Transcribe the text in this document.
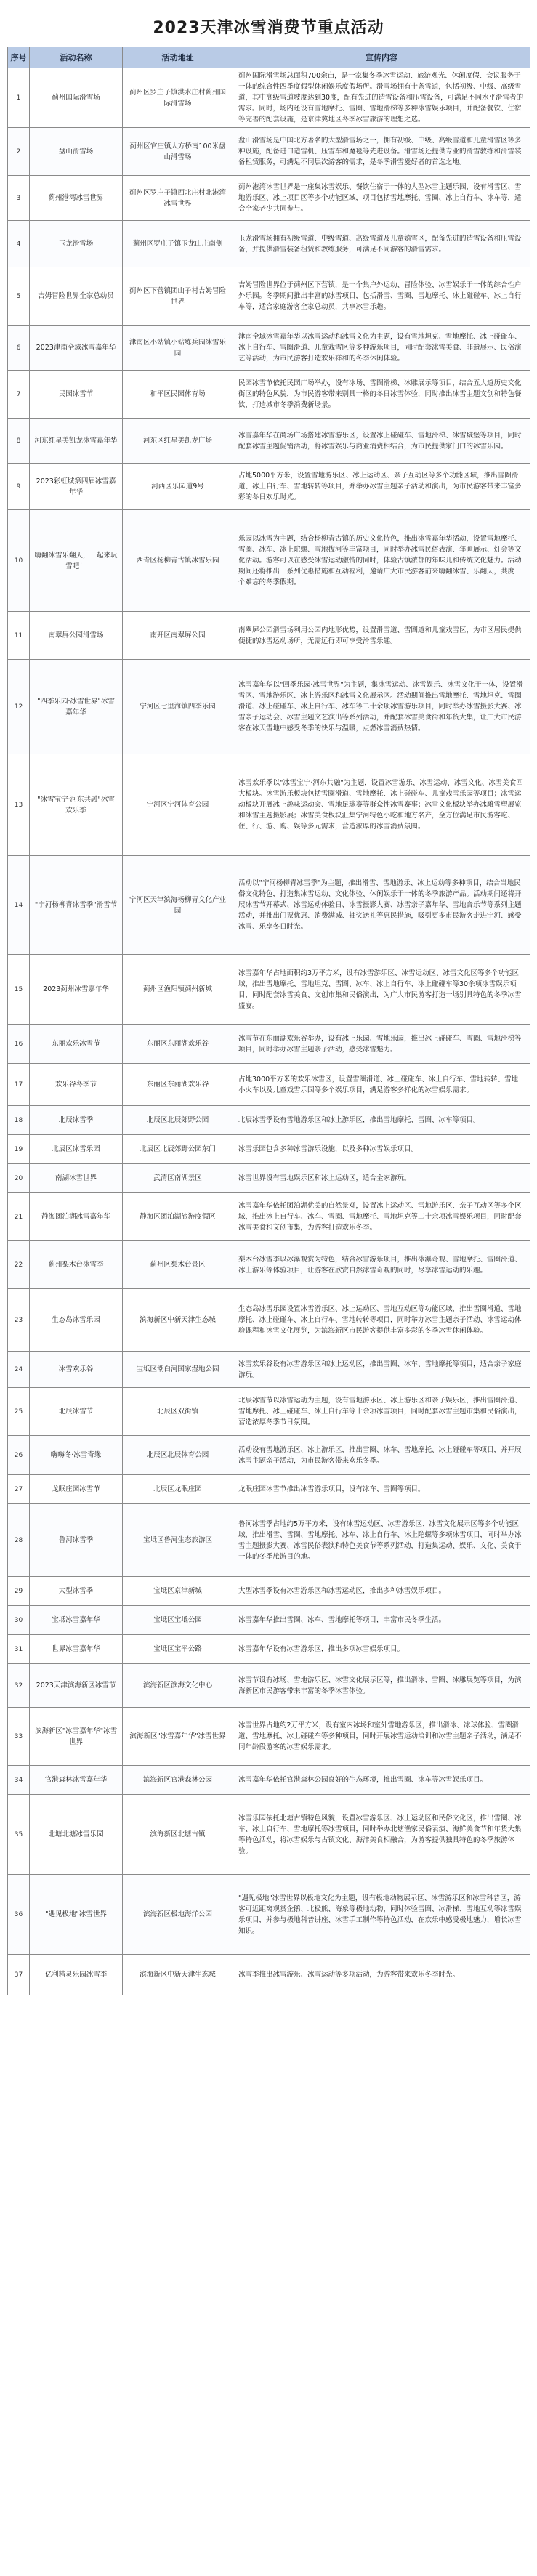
2023天津冰雪消费节重点活动
序号	活动名称	活动地址	宣传内容
1	蓟州国际滑雪场	蓟州区罗庄子镇洪水庄村蓟州国际滑雪场	蓟州国际滑雪场总面积700余亩，是一家集冬季冰雪运动、旅游观光、休闲度假、会议服务于一体的综合性四季度假型休闲娱乐度假场所。滑雪场拥有十条雪道，包括初级、中级、高级雪道，其中高级雪道坡度达到30度，配有先进的造雪设备和压雪设备，可满足不同水平滑雪者的需求。同时，场内还设有雪地摩托、雪圈、雪地滑梯等多种冰雪娱乐项目，并配备餐饮、住宿等完善的配套设施，是京津冀地区冬季冰雪旅游的理想之选。
2	盘山滑雪场	蓟州区官庄镇人方桥南100米盘山滑雪场	盘山滑雪场是中国北方著名的大型滑雪场之一，拥有初级、中级、高级雪道和儿童滑雪区等多种设施，配备进口造雪机、压雪车和魔毯等先进设备。滑雪场还提供专业的滑雪教练和滑雪装备租赁服务，可满足不同层次游客的需求，是冬季滑雪爱好者的首选之地。
3	蓟州港湾冰雪世界	蓟州区罗庄子镇西北庄村北港湾冰雪世界	蓟州港湾冰雪世界是一座集冰雪娱乐、餐饮住宿于一体的大型冰雪主题乐园，设有滑雪区、雪地游乐区、冰上项目区等多个功能区域，项目包括雪地摩托、雪圈、冰上自行车、冰车等，适合全家老少共同参与。
4	玉龙滑雪场	蓟州区罗庄子镇玉龙山庄南侧	玉龙滑雪场拥有初级雪道、中级雪道、高级雪道及儿童嬉雪区，配备先进的造雪设备和压雪设备，并提供滑雪装备租赁和教练服务，可满足不同游客的滑雪需求。
5	吉姆冒险世界全家总动员	蓟州区下营镇团山子村吉姆冒险世界	吉姆冒险世界位于蓟州区下营镇，是一个集户外运动、冒险体验、冰雪娱乐于一体的综合性户外乐园。冬季期间推出丰富的冰雪项目，包括滑雪、雪圈、雪地摩托、冰上碰碰车、冰上自行车等，适合家庭游客全家总动员，共享冰雪乐趣。
6	2023津南全域冰雪嘉年华	津南区小站镇小站练兵园冰雪乐园	津南全域冰雪嘉年华以冰雪运动和冰雪文化为主题，设有雪地坦克、雪地摩托、冰上碰碰车、冰上自行车、雪圈滑道、儿童戏雪区等多种游乐项目，同时配套冰雪美食、非遗展示、民俗演艺等活动，为市民游客打造欢乐祥和的冬季休闲体验。
7	民园冰雪节	和平区民园体育场	民园冰雪节依托民园广场举办，设有冰场、雪圈滑梯、冰雕展示等项目，结合五大道历史文化街区的特色风貌，为市民游客带来别具一格的冬日冰雪体验，同时推出冰雪主题文创和特色餐饮，打造城市冬季消费新场景。
8	河东红星美凯龙冰雪嘉年华	河东区红星美凯龙广场	冰雪嘉年华在商场广场搭建冰雪游乐区，设置冰上碰碰车、雪地滑梯、冰雪城堡等项目，同时配套冰雪主题促销活动，将冰雪娱乐与商业消费相结合，为市民提供家门口的冰雪乐园。
9	2023彩虹城第四届冰雪嘉年华	河西区乐园道9号	占地5000平方米，设置雪地游乐区、冰上运动区、亲子互动区等多个功能区域，推出雪圈滑道、冰上自行车、雪地转转等项目，并举办冰雪主题亲子活动和演出，为市民游客带来丰富多彩的冬日欢乐时光。
10	嗨翻冰雪乐翻天，一起来玩雪吧！	西青区杨柳青古镇冰雪乐园	乐园以冰雪为主题，结合杨柳青古镇的历史文化特色，推出冰雪嘉年华活动，设置雪地摩托、雪圈、冰车、冰上陀螺、雪地拔河等丰富项目，同时举办冰雪民俗表演、年画展示、灯会等文化活动。游客可以在感受冰雪运动激情的同时，体验古镇浓郁的年味儿和传统文化魅力。活动期间还将推出一系列优惠措施和互动福利，邀请广大市民游客前来嗨翻冰雪、乐翻天，共度一个难忘的冬季假期。
11	南翠屏公园滑雪场	南开区南翠屏公园	南翠屏公园滑雪场利用公园内地形优势，设置滑雪道、雪圈道和儿童戏雪区，为市区居民提供便捷的冰雪运动场所，无需远行即可享受滑雪乐趣。
12	"四季乐园·冰雪世界"冰雪嘉年华	宁河区七里海镇四季乐园	冰雪嘉年华以"四季乐园·冰雪世界"为主题，集冰雪运动、冰雪娱乐、冰雪文化于一体，设置滑雪区、雪地游乐区、冰上游乐区和冰雪文化展示区。活动期间推出雪地摩托、雪地坦克、雪圈滑道、冰上碰碰车、冰上自行车、冰车等二十余项冰雪游乐项目，同时举办冰雪摄影大赛、冰雪亲子运动会、冰雪主题文艺演出等系列活动，并配套冰雪美食街和年货大集，让广大市民游客在冰天雪地中感受冬季的快乐与温暖，点燃冰雪消费热情。
13	"冰雪宝宁·河东共融"冰雪欢乐季	宁河区宁河体育公园	冰雪欢乐季以"冰雪宝宁·河东共融"为主题，设置冰雪游乐、冰雪运动、冰雪文化、冰雪美食四大板块。冰雪游乐板块包括雪圈滑道、雪地摩托、冰上碰碰车、儿童戏雪乐园等项目；冰雪运动板块开展冰上趣味运动会、雪地足球赛等群众性冰雪赛事；冰雪文化板块举办冰雕雪塑展览和冰雪主题摄影展；冰雪美食板块汇集宁河特色小吃和地方名产，全方位满足市民游客吃、住、行、游、购、娱等多元需求，营造浓厚的冰雪消费氛围。
14	"宁河杨柳青冰雪季"滑雪节	宁河区天津滨海杨柳青文化产业园	活动以"宁河杨柳青冰雪季"为主题，推出滑雪、雪地游乐、冰上运动等多种项目，结合当地民俗文化特色，打造集冰雪运动、文化体验、休闲娱乐于一体的冬季旅游产品。活动期间还将开展冰雪节开幕式、冰雪运动体验日、冰雪摄影大赛、冰雪亲子嘉年华、雪地音乐节等系列主题活动，并推出门票优惠、消费满减、抽奖送礼等惠民措施，吸引更多市民游客走进宁河、感受冰雪、乐享冬日时光。
15	2023蓟州冰雪嘉年华	蓟州区渔阳镇蓟州新城	冰雪嘉年华占地面积约3万平方米，设有冰雪游乐区、冰雪运动区、冰雪文化区等多个功能区域，推出雪地摩托、雪地坦克、雪圈、冰车、冰上自行车、冰上碰碰车等30余项冰雪娱乐项目，同时配套冰雪美食、文创市集和民俗演出，为广大市民游客打造一场别具特色的冬季冰雪盛宴。
16	东丽欢乐冰雪节	东丽区东丽湖欢乐谷	冰雪节在东丽湖欢乐谷举办，设有冰上乐园、雪地乐园，推出冰上碰碰车、雪圈、雪地滑梯等项目，同时举办冰雪主题亲子活动，感受冰雪魅力。
17	欢乐谷冬季节	东丽区东丽湖欢乐谷	占地3000平方米的欢乐冰雪区，设置雪圈滑道、冰上碰碰车、冰上自行车、雪地转转、雪地小火车以及儿童戏雪乐园等多个娱乐项目，满足游客多样化的冰雪娱乐需求。
18	北辰冰雪季	北辰区北辰郊野公园	北辰冰雪季设有雪地游乐区和冰上游乐区，推出雪地摩托、雪圈、冰车等项目。
19	北辰区冰雪乐园	北辰区北辰郊野公园东门	冰雪乐园包含多种冰雪游乐设施，以及多种冰雪娱乐项目。
20	南湖冰雪世界	武清区南湖景区	冰雪世界设有雪地娱乐区和冰上运动区，适合全家游玩。
21	静海团泊湖冰雪嘉年华	静海区团泊湖旅游度假区	冰雪嘉年华依托团泊湖优美的自然景观，设置冰上运动区、雪地游乐区、亲子互动区等多个区域，推出冰上自行车、冰车、雪圈、雪地摩托、雪地坦克等二十余项冰雪娱乐项目，同时配套冰雪美食和文创市集，为游客打造欢乐冬季。
22	蓟州梨木台冰雪季	蓟州区梨木台景区	梨木台冰雪季以冰瀑观赏为特色，结合冰雪游乐项目，推出冰瀑奇观、雪地摩托、雪圈滑道、冰上游乐等体验项目，让游客在欣赏自然冰雪奇观的同时，尽享冰雪运动的乐趣。
23	生态岛冰雪乐园	滨海新区中新天津生态城	生态岛冰雪乐园设置冰雪游乐区、冰上运动区、雪地互动区等功能区域，推出雪圈滑道、雪地摩托、冰上碰碰车、冰上自行车、雪地转转等项目，同时举办冰雪主题亲子活动、冰雪运动体验课程和冰雪文化展览，为滨海新区市民游客提供丰富多彩的冬季冰雪休闲体验。
24	冰雪欢乐谷	宝坻区潮白河国家湿地公园	冰雪欢乐谷设有冰雪游乐区和冰上运动区，推出雪圈、冰车、雪地摩托等项目，适合亲子家庭游玩。
25	北辰冰雪节	北辰区双街镇	北辰冰雪节以冰雪运动为主题，设有雪地游乐区、冰上游乐区和亲子娱乐区，推出雪圈滑道、雪地摩托、冰上碰碰车、冰上自行车等十余项冰雪项目，同时配套冰雪主题市集和民俗演出，营造浓厚冬季节日氛围。
26	嗨嗨冬·冰雪奇缘	北辰区北辰体育公园	活动设有雪地游乐区、冰上游乐区，推出雪圈、冰车、雪地摩托、冰上碰碰车等项目，并开展冰雪主题亲子活动，为市民游客带来欢乐冬季。
27	龙眠庄园冰雪节	北辰区龙眠庄园	龙眠庄园冰雪节推出冰雪游乐项目，设有冰车、雪圈等项目。
28	鲁河冰雪季	宝坻区鲁河生态旅游区	鲁河冰雪季占地约5万平方米，设有冰雪运动区、冰雪游乐区、冰雪文化展示区等多个功能区域，推出滑雪、雪圈、雪地摩托、冰车、冰上自行车、冰上陀螺等多项冰雪项目，同时举办冰雪主题摄影大赛、冰雪民俗表演和特色美食节等系列活动，打造集运动、娱乐、文化、美食于一体的冬季旅游目的地。
29	大型冰雪季	宝坻区京津新城	大型冰雪季设有冰雪游乐区和冰雪运动区，推出多种冰雪娱乐项目。
30	宝坻冰雪嘉年华	宝坻区宝坻公园	冰雪嘉年华推出雪圈、冰车、雪地摩托等项目，丰富市民冬季生活。
31	世界冰雪嘉年华	宝坻区宝平公路	冰雪嘉年华设有冰雪游乐区，推出多项冰雪娱乐项目。
32	2023天津滨海新区冰雪节	滨海新区滨海文化中心	冰雪节设有冰场、雪地游乐区、冰雪文化展示区等，推出滑冰、雪圈、冰雕展览等项目，为滨海新区市民游客带来丰富的冬季冰雪体验。
33	滨海新区"冰雪嘉年华"冰雪世界	滨海新区"冰雪嘉年华"冰雪世界	冰雪世界占地约2万平方米，设有室内冰场和室外雪地游乐区，推出滑冰、冰球体验、雪圈滑道、雪地摩托、冰上碰碰车等多种项目，同时开展冰雪运动培训和冰雪主题亲子活动，满足不同年龄段游客的冰雪娱乐需求。
34	官港森林冰雪嘉年华	滨海新区官港森林公园	冰雪嘉年华依托官港森林公园良好的生态环境，推出雪圈、冰车等冰雪娱乐项目。
35	北塘北塘冰雪乐园	滨海新区北塘古镇	冰雪乐园依托北塘古镇特色风貌，设置冰雪游乐区、冰上运动区和民俗文化区，推出雪圈、冰车、冰上自行车、雪地摩托等冰雪项目，同时举办北塘渔家民俗表演、海鲜美食节和年货大集等特色活动，将冰雪娱乐与古镇文化、海洋美食相融合，为游客提供独具特色的冬季旅游体验。
36	"遇见极地"冰雪世界	滨海新区极地海洋公园	"遇见极地"冰雪世界以极地文化为主题，设有极地动物展示区、冰雪游乐区和冰雪科普区，游客可近距离观赏企鹅、北极熊、海象等极地动物，同时体验雪圈、冰滑梯、雪地互动等冰雪娱乐项目，并参与极地科普讲座、冰雪手工制作等特色活动，在欢乐中感受极地魅力，增长冰雪知识。
37	亿利精灵乐园冰雪季	滨海新区中新天津生态城	冰雪季推出冰雪游乐、冰雪运动等多项活动，为游客带来欢乐冬季时光。
